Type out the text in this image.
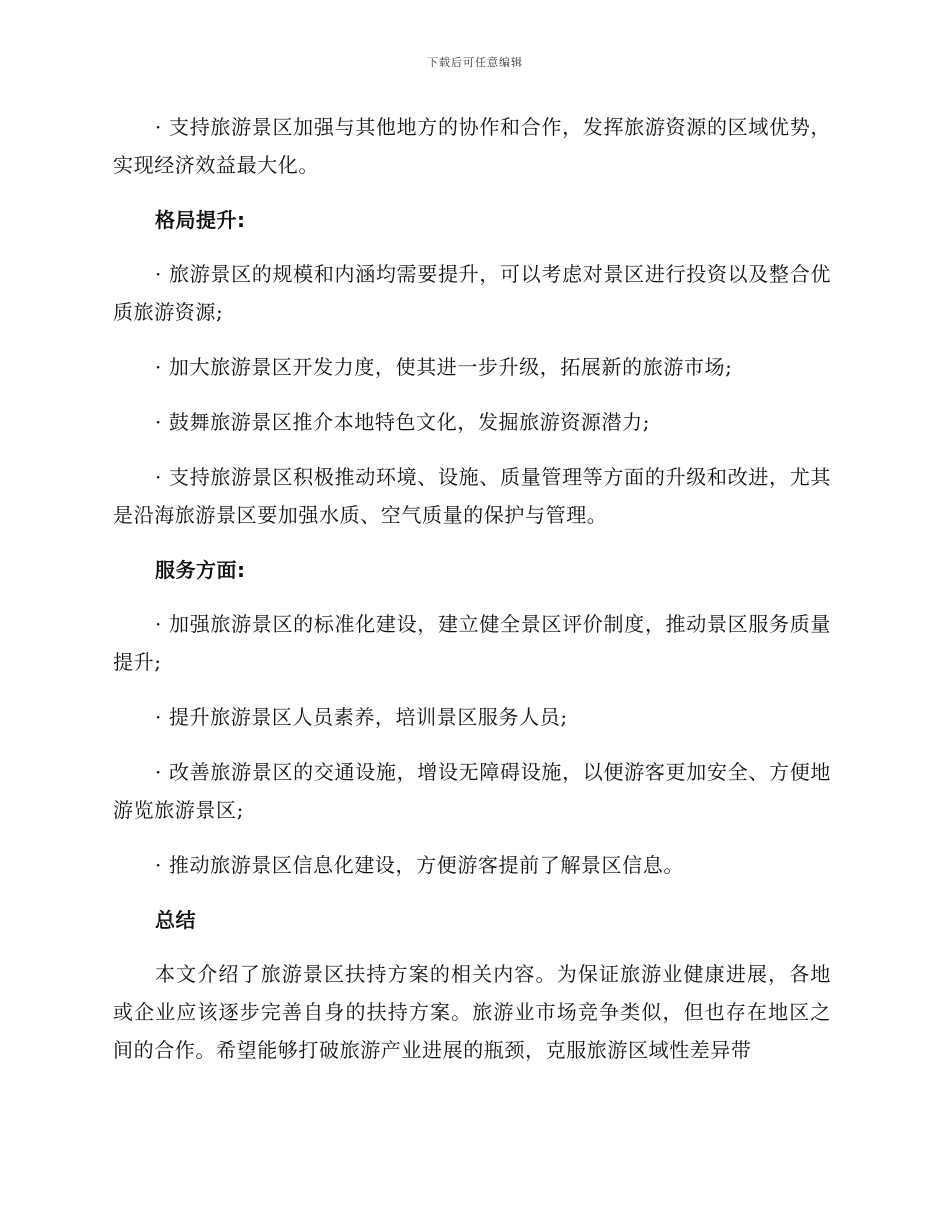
下载后可任意编辑

· 支持旅游景区加强与其他地方的协作和合作，发挥旅游资源的区域优势，实现经济效益最大化。

格局提升:

· 旅游景区的规模和内涵均需要提升，可以考虑对景区进行投资以及整合优质旅游资源;

· 加大旅游景区开发力度，使其进一步升级，拓展新的旅游市场;

· 鼓舞旅游景区推介本地特色文化，发掘旅游资源潜力;

· 支持旅游景区积极推动环境、设施、质量管理等方面的升级和改进，尤其是沿海旅游景区要加强水质、空气质量的保护与管理。

服务方面:

· 加强旅游景区的标准化建设，建立健全景区评价制度，推动景区服务质量提升;

· 提升旅游景区人员素养，培训景区服务人员;

· 改善旅游景区的交通设施，增设无障碍设施，以便游客更加安全、方便地游览旅游景区;

· 推动旅游景区信息化建设，方便游客提前了解景区信息。

总结

本文介绍了旅游景区扶持方案的相关内容。为保证旅游业健康进展，各地或企业应该逐步完善自身的扶持方案。旅游业市场竞争类似，但也存在地区之间的合作。希望能够打破旅游产业进展的瓶颈，克服旅游区域性差异带
